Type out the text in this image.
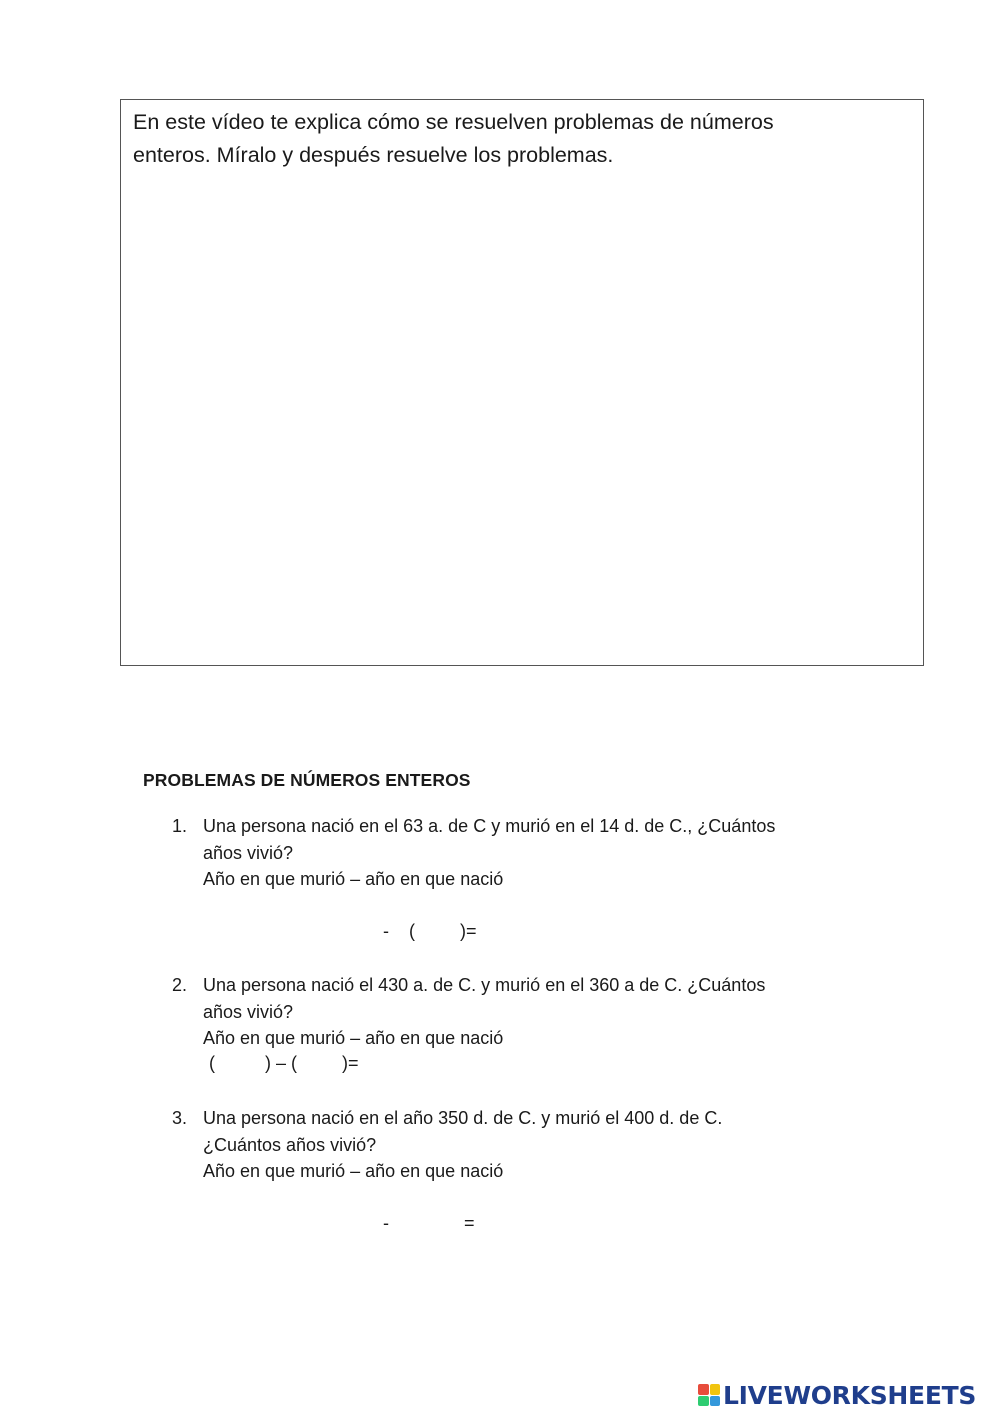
En este vídeo te explica cómo se resuelven problemas de números
enteros. Míralo y después resuelve los problemas.

PROBLEMAS DE NÚMEROS ENTEROS
1. Una persona nació en el 63 a. de C y murió en el 14 d. de C., ¿Cuántos
años vivió?
Año en que murió – año en que nació
-    (         )=
2. Una persona nació el 430 a. de C. y murió en el 360 a de C. ¿Cuántos
años vivió?
Año en que murió – año en que nació
(          ) – (         )=
3. Una persona nació en el año 350 d. de C. y murió el 400 d. de C.
¿Cuántos años vivió?
Año en que murió – año en que nació
-               =
LIVEWORKSHEETS
